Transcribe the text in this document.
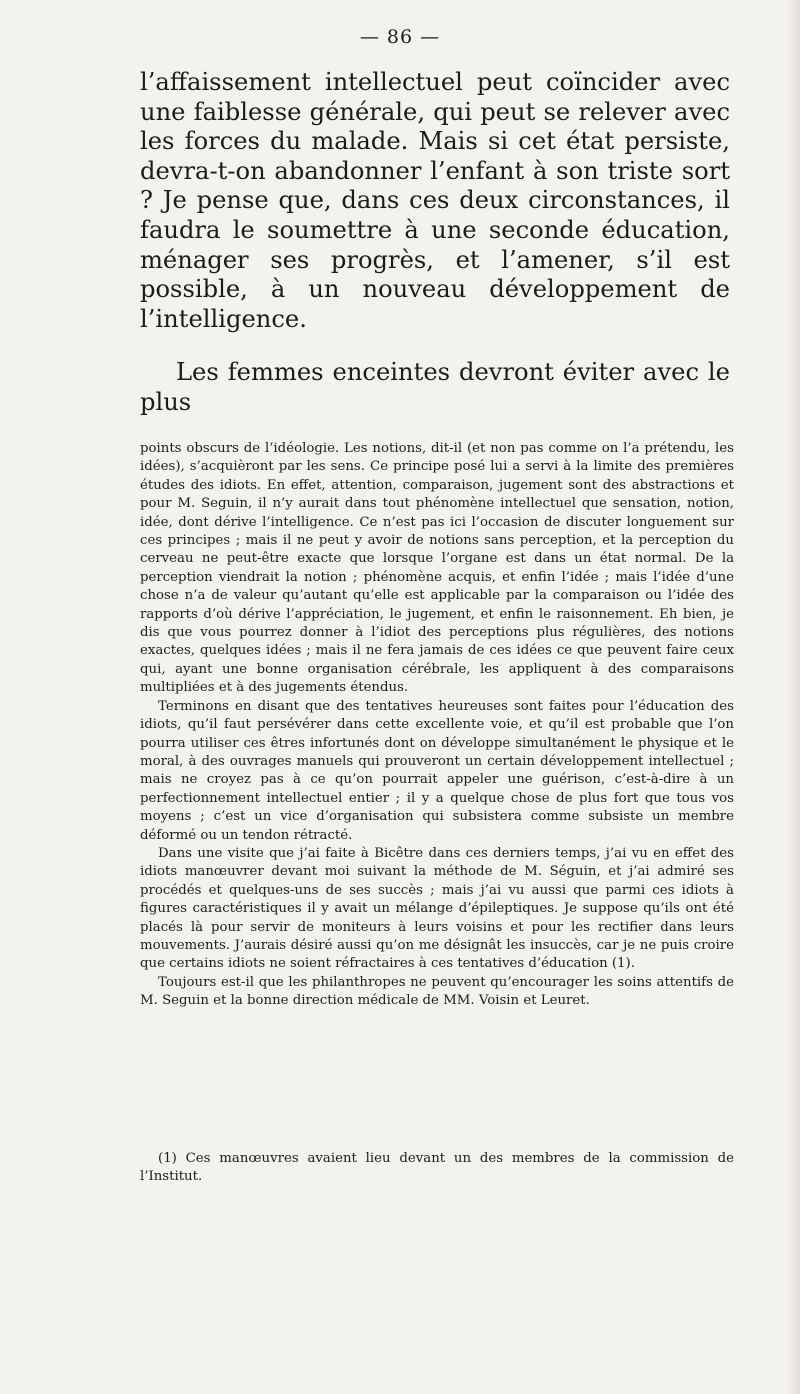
— 86 —

l’affaissement intellectuel peut coïncider avec une faiblesse générale, qui peut se relever avec les forces du malade. Mais si cet état persiste, devra-t-on abandonner l’enfant à son triste sort ? Je pense que, dans ces deux circonstances, il faudra le soumettre à une seconde éducation, ménager ses progrès, et l’amener, s’il est possible, à un nouveau développement de l’intelligence.

Les femmes enceintes devront éviter avec le plus

points obscurs de l’idéologie. Les notions, dit-il (et non pas comme on l’a prétendu, les idées), s’acquièront par les sens. Ce principe posé lui a servi à la limite des premières études des idiots. En effet, attention, comparaison, jugement sont des abstractions et pour M. Seguin, il n’y aurait dans tout phénomène intellectuel que sensation, notion, idée, dont dérive l’intelligence. Ce n’est pas ici l’occasion de discuter longuement sur ces principes ; mais il ne peut y avoir de notions sans perception, et la perception du cerveau ne peut-être exacte que lorsque l’organe est dans un état normal. De la perception viendrait la notion ; phénomène acquis, et enfin l’idée ; mais l’idée d’une chose n’a de valeur qu’autant qu’elle est applicable par la comparaison ou l’idée des rapports d’où dérive l’appréciation, le jugement, et enfin le raisonnement. Eh bien, je dis que vous pourrez donner à l’idiot des perceptions plus régulières, des notions exactes, quelques idées ; mais il ne fera jamais de ces idées ce que peuvent faire ceux qui, ayant une bonne organisation cérébrale, les appliquent à des comparaisons multipliées et à des jugements étendus.

Terminons en disant que des tentatives heureuses sont faites pour l’éducation des idiots, qu’il faut persévérer dans cette excellente voie, et qu’il est probable que l’on pourra utiliser ces êtres infortunés dont on développe simultanément le physique et le moral, à des ouvrages manuels qui prouveront un certain développement intellectuel ; mais ne croyez pas à ce qu’on pourrait appeler une guérison, c’est-à-dire à un perfectionnement intellectuel entier ; il y a quelque chose de plus fort que tous vos moyens ; c’est un vice d’organisation qui subsistera comme subsiste un membre déformé ou un tendon rétracté.

Dans une visite que j’ai faite à Bicêtre dans ces derniers temps, j’ai vu en effet des idiots manœuvrer devant moi suivant la méthode de M. Séguin, et j’ai admiré ses procédés et quelques-uns de ses succès ; mais j’ai vu aussi que parmi ces idiots à figures caractéristiques il y avait un mélange d’épileptiques. Je suppose qu’ils ont été placés là pour servir de moniteurs à leurs voisins et pour les rectifier dans leurs mouvements. J’aurais désiré aussi qu’on me désignât les insuccès, car je ne puis croire que certains idiots ne soient réfractaires à ces tentatives d’éducation (1).

Toujours est-il que les philanthropes ne peuvent qu’encourager les soins attentifs de M. Seguin et la bonne direction médicale de MM. Voisin et Leuret.

(1) Ces manœuvres avaient lieu devant un des membres de la commission de l’Institut.
